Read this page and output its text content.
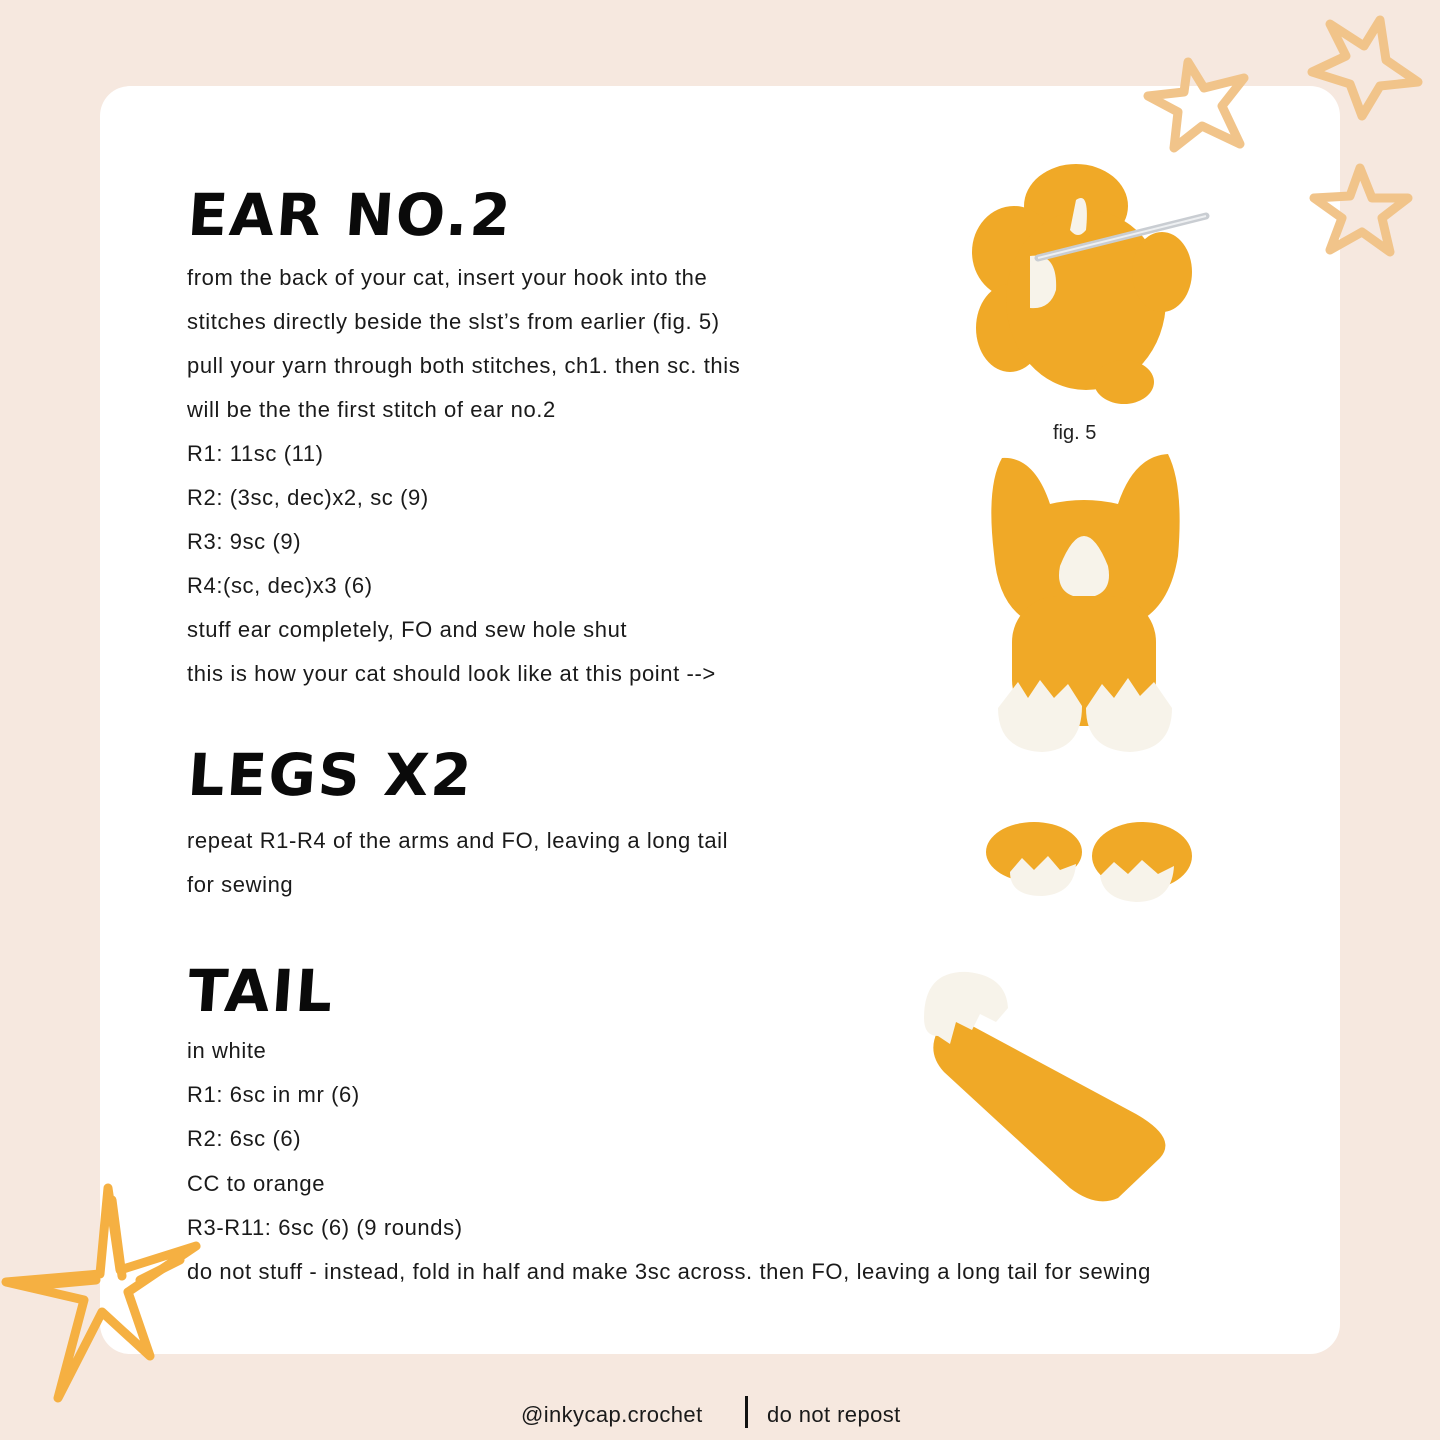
EAR NO.2

from the back of your cat, insert your hook into the

stitches directly beside the slst’s from earlier (fig. 5)

pull your yarn through both stitches, ch1. then sc. this

will be the the first stitch of ear no.2

R1: 11sc (11)

R2: (3sc, dec)x2, sc (9)

R3: 9sc (9)

R4:(sc, dec)x3 (6)

stuff ear completely, FO and sew hole shut

this is how your cat should look like at this point -->

fig. 5
LEGS X2

repeat R1-R4 of the arms and FO, leaving a long tail

for sewing

TAIL

in white

R1: 6sc in mr (6)

R2: 6sc (6)

CC to orange

R3-R11: 6sc (6) (9 rounds)

do not stuff - instead, fold in half and make 3sc across. then FO, leaving a long tail for sewing

@inkycap.crochet	do not repost
